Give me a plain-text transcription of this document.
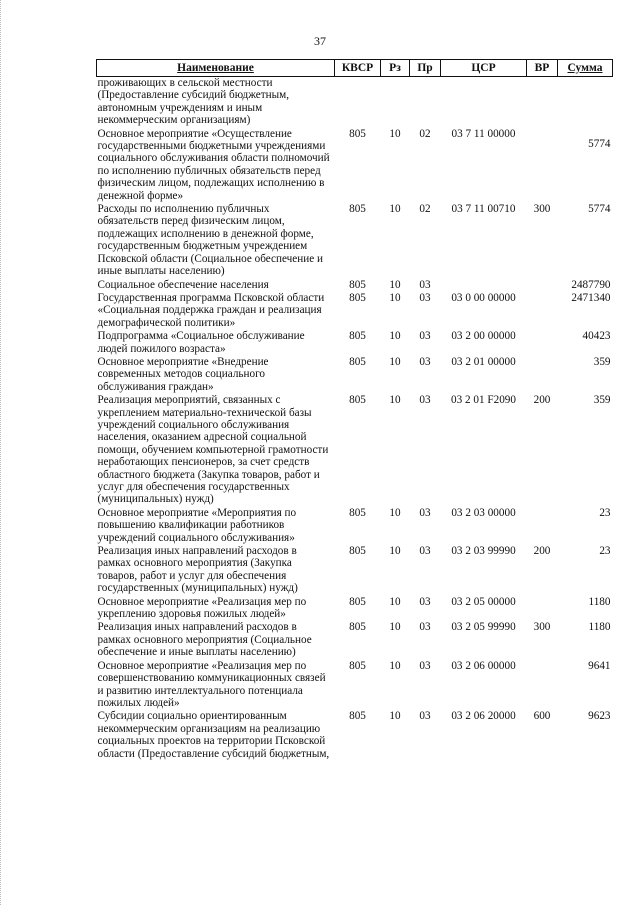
37
Наименование	КВСР	Рз	Пр	ЦСР	ВР	Сумма
проживающих в сельской местности (Предоставление субсидий бюджетным, автономным учреждениям и иным некоммерческим организациям)						
Основное мероприятие «Осуществление государственными бюджетными учреждениями социального обслуживания области полномочий по исполнению публичных обязательств перед физическим лицом, подлежащих исполнению в денежной форме»	805	10	02	03 7 11 00000		5774
Расходы по исполнению публичных обязательств перед физическим лицом, подлежащих исполнению в денежной форме, государственным бюджетным учреждением Псковской области (Социальное обеспечение и иные выплаты населению)	805	10	02	03 7 11 00710	300	5774
Социальное обеспечение населения	805	10	03			2487790
Государственная программа Псковской области «Социальная поддержка граждан и реализация демографической политики»	805	10	03	03 0 00 00000		2471340
Подпрограмма «Социальное обслуживание людей пожилого возраста»	805	10	03	03 2 00 00000		40423
Основное мероприятие «Внедрение современных методов социального обслуживания граждан»	805	10	03	03 2 01 00000		359
Реализация мероприятий, связанных с укреплением материально-технической базы учреждений социального обслуживания населения, оказанием адресной социальной помощи, обучением компьютерной грамотности неработающих пенсионеров, за счет средств областного бюджета (Закупка товаров, работ и услуг для обеспечения государственных (муниципальных) нужд)	805	10	03	03 2 01 F2090	200	359
Основное мероприятие «Мероприятия по повышению квалификации работников учреждений социального обслуживания»	805	10	03	03 2 03 00000		23
Реализация иных направлений расходов в рамках основного мероприятия (Закупка товаров, работ и услуг для обеспечения государственных (муниципальных) нужд)	805	10	03	03 2 03 99990	200	23
Основное мероприятие «Реализация мер по укреплению здоровья пожилых людей»	805	10	03	03 2 05 00000		1180
Реализация иных направлений расходов в рамках основного мероприятия (Социальное обеспечение и иные выплаты населению)	805	10	03	03 2 05 99990	300	1180
Основное мероприятие «Реализация мер по совершенствованию коммуникационных связей и развитию интеллектуального потенциала пожилых людей»	805	10	03	03 2 06 00000		9641
Субсидии социально ориентированным некоммерческим организациям на реализацию социальных проектов на территории Псковской области (Предоставление субсидий бюджетным,	805	10	03	03 2 06 20000	600	9623
